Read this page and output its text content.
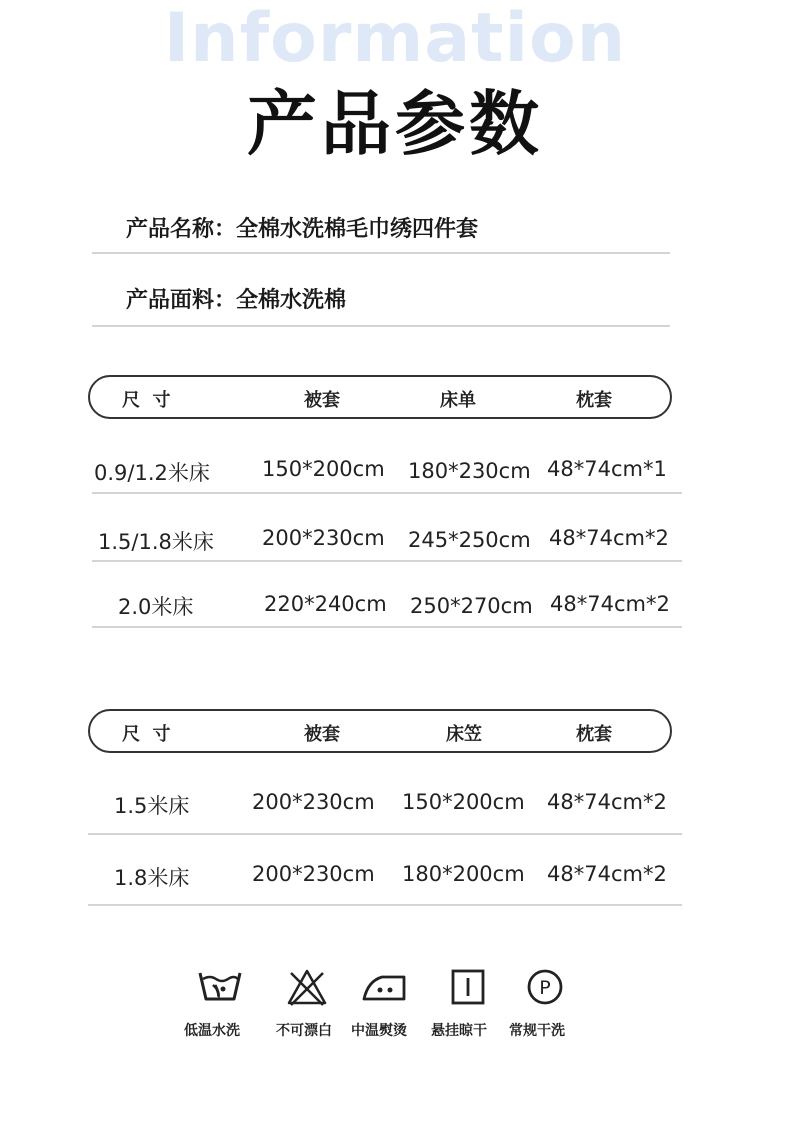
Information
产品参数
产品名称：全棉水洗棉毛巾绣四件套
产品面料：全棉水洗棉
尺  寸	被套	床单	枕套
0.9/1.2米床 150*200cm 180*230cm 48*74cm*1
1.5/1.8米床 200*230cm 245*250cm 48*74cm*2
2.0米床	220*240cm 250*270cm 48*74cm*2
尺  寸	被套	床笠	枕套
1.5米床	200*230cm 150*200cm 48*74cm*2
1.8米床	200*230cm 180*200cm 48*74cm*2
P
低温水洗	不可漂白 中温熨烫 悬挂晾干 常规干洗
